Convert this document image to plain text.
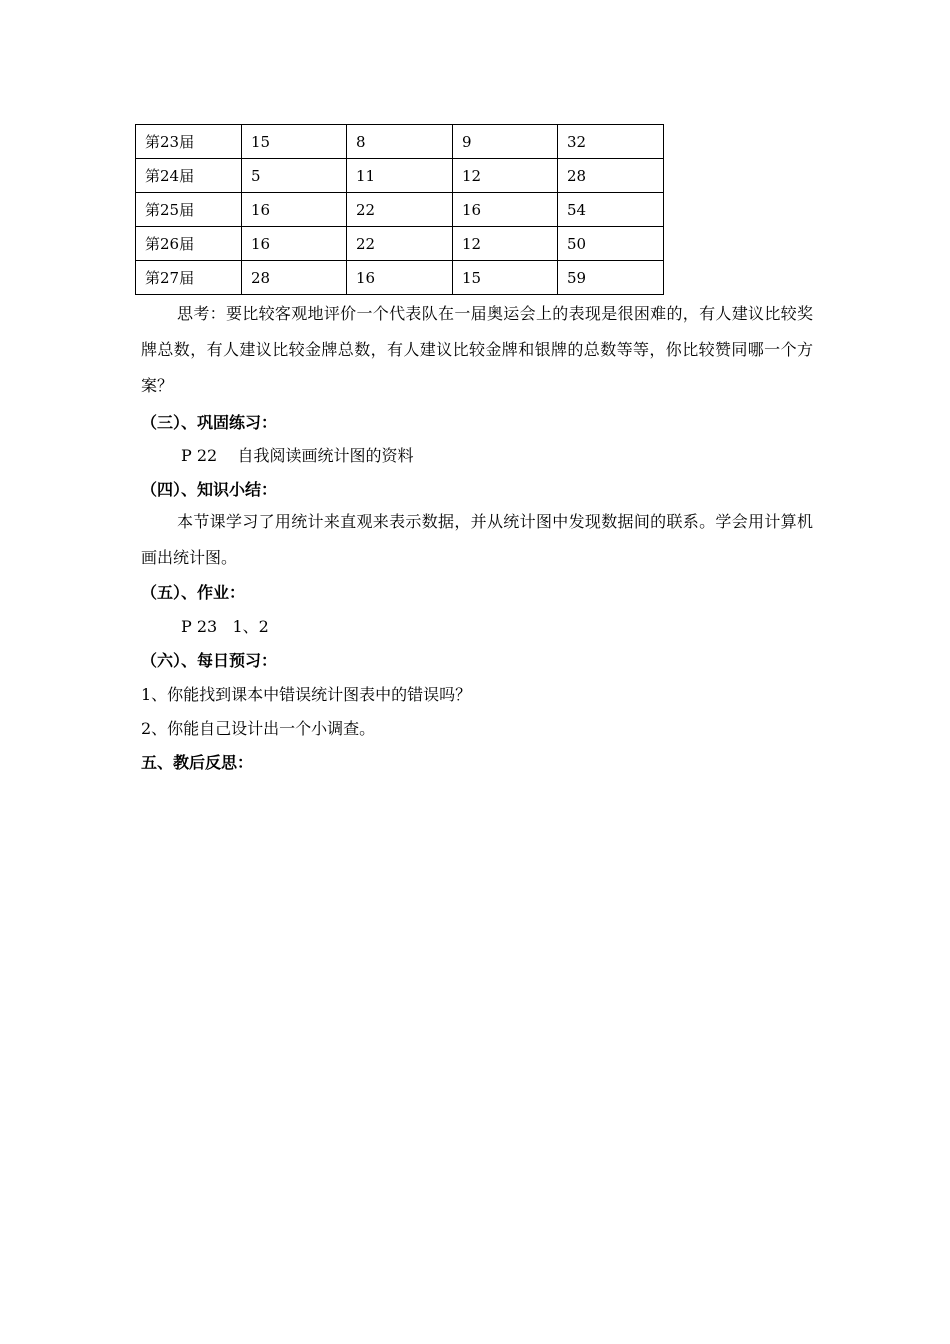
第23届	15	8	9	32
第24届	5	11	12	28
第25届	16	22	16	54
第26届	16	22	12	50
第27届	28	16	15	59
思考：要比较客观地评价一个代表队在一届奥运会上的表现是很困难的，有人建议比较奖牌总数，有人建议比较金牌总数，有人建议比较金牌和银牌的总数等等，你比较赞同哪一个方案？
（三）、巩固练习：
P 22    自我阅读画统计图的资料
（四）、知识小结：
本节课学习了用统计来直观来表示数据，并从统计图中发现数据间的联系。学会用计算机画出统计图。
（五）、作业：
P 23   1、2
（六）、每日预习：
1、你能找到课本中错误统计图表中的错误吗？
2、你能自己设计出一个小调查。
五、教后反思：
